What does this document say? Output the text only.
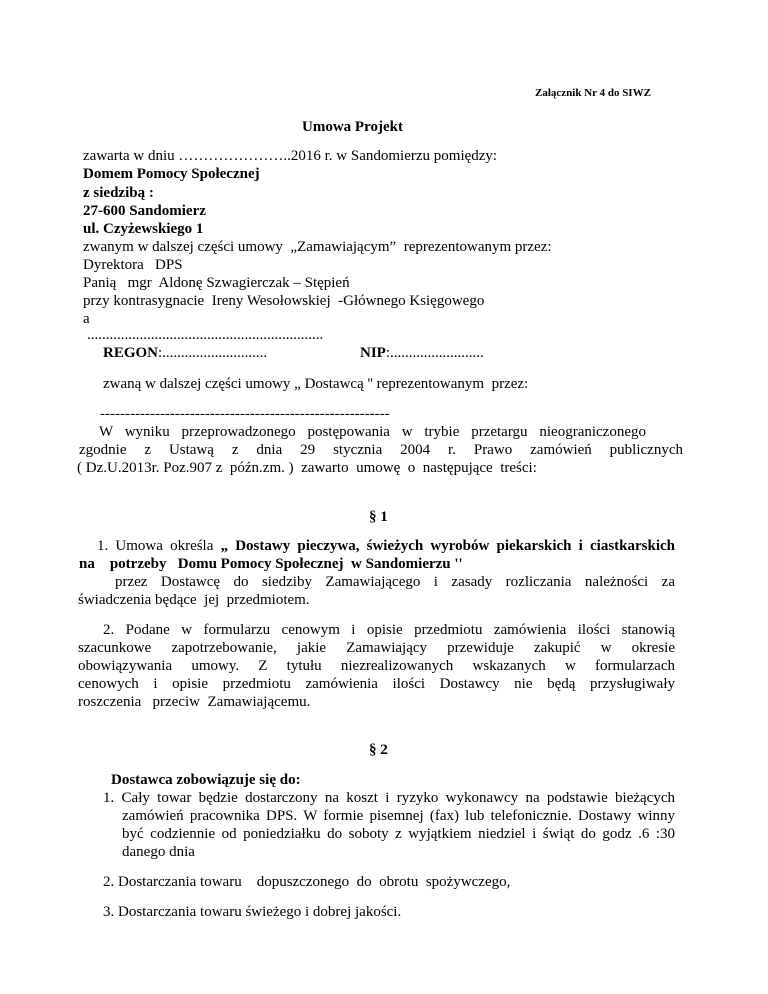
Załącznik Nr 4 do SIWZ
Umowa Projekt
zawarta w dniu …………………..2016 r. w Sandomierzu pomiędzy:
Domem Pomocy Społecznej
z siedzibą :
27-600 Sandomierz
ul. Czyżewskiego 1
zwanym w dalszej części umowy  „Zamawiającym”  reprezentowanym przez:
Dyrektora   DPS
Panią   mgr  Aldonę Szwagierczak – Stępień
przy kontrasygnacie  Ireny Wesołowskiej  -Głównego Księgowego
a
...............................................................
REGON:............................	NIP:.........................
zwaną w dalszej części umowy „ Dostawcą '' reprezentowanym  przez:
----------------------------------------------------------
W wyniku przeprowadzonego postępowania w trybie przetargu nieograniczonego
zgodnie z Ustawą z dnia 29 stycznia 2004 r. Prawo zamówień publicznych
( Dz.U.2013r. Poz.907 z  późn.zm. )  zawarto  umowę  o  następujące  treści:
§ 1
1. Umowa określa „ Dostawy pieczywa, świeżych wyrobów piekarskich i ciastkarskich
na    potrzeby   Domu Pomocy Społecznej  w Sandomierzu ''
przez Dostawcę do siedziby Zamawiającego i zasady rozliczania należności za
świadczenia będące  jej  przedmiotem.
2. Podane w formularzu cenowym i opisie przedmiotu zamówienia ilości stanowią
szacunkowe zapotrzebowanie, jakie Zamawiający przewiduje zakupić w okresie
obowiązywania umowy. Z tytułu niezrealizowanych wskazanych w formularzach
cenowych i opisie przedmiotu zamówienia ilości Dostawcy nie będą przysługiwały
roszczenia   przeciw  Zamawiającemu.
§ 2
Dostawca zobowiązuje się do:
1. Cały towar będzie dostarczony na koszt i ryzyko wykonawcy na podstawie bieżących
zamówień pracownika DPS. W formie pisemnej (fax) lub telefonicznie. Dostawy winny
być codziennie od poniedziałku do soboty z wyjątkiem niedziel i świąt do godz .6 :30
danego dnia
2. Dostarczania towaru    dopuszczonego  do  obrotu  spożywczego,
3. Dostarczania towaru świeżego i dobrej jakości.
